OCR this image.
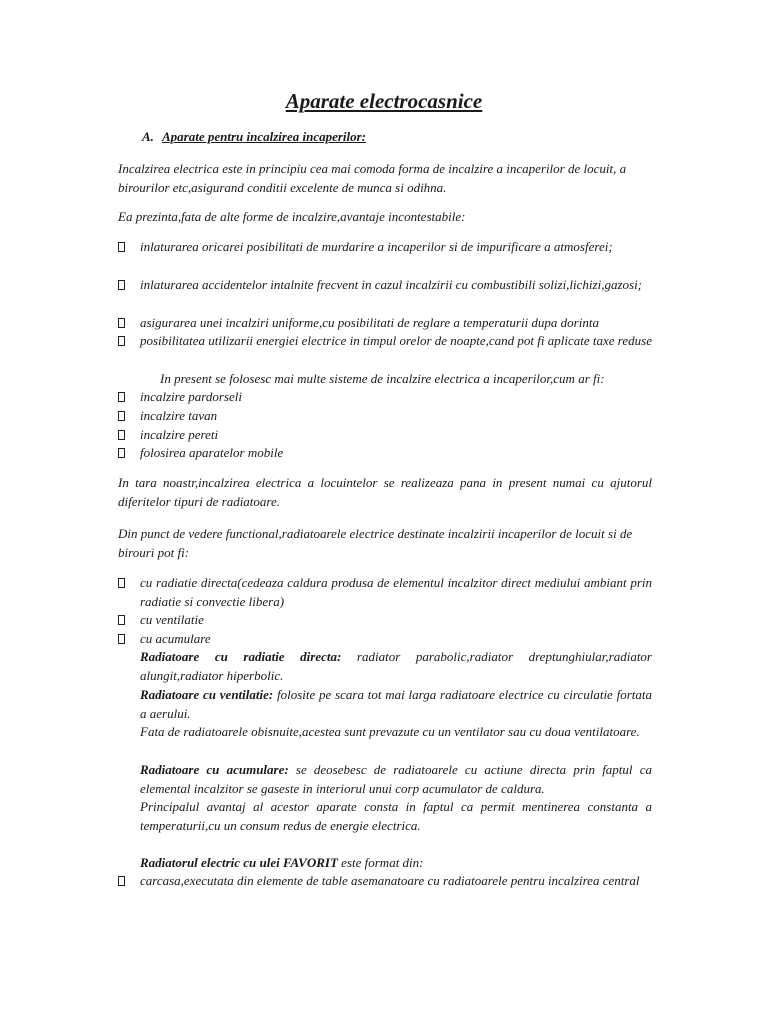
Aparate electrocasnice
A. Aparate pentru incalzirea incaperilor:

Incalzirea electrica este in principiu cea mai comoda forma de incalzire a incaperilor de locuit, a birourilor etc,asigurand conditii excelente de munca si odihna.

Ea prezinta,fata de alte forme de incalzire,avantaje incontestabile:

inlaturarea oricarei posibilitati de murdarire a incaperilor si de impurificare a atmosferei;
inlaturarea accidentelor intalnite frecvent in cazul incalzirii cu combustibili solizi,lichizi,gazosi;
asigurarea unei incalziri uniforme,cu posibilitati de reglare a temperaturii dupa dorinta
posibilitatea utilizarii energiei electrice in timpul orelor de noapte,cand pot fi aplicate taxe reduse
In present se folosesc mai multe sisteme de incalzire electrica a incaperilor,cum ar fi:
incalzire pardorseli
incalzire tavan
incalzire pereti
folosirea aparatelor mobile

In tara noastr,incalzirea electrica a locuintelor se realizeaza pana in present numai cu ajutorul diferitelor tipuri de radiatoare.

Din punct de vedere functional,radiatoarele electrice destinate incalzirii incaperilor de locuit si de birouri pot fi:

cu radiatie directa(cedeaza caldura produsa de elementul incalzitor direct mediului ambiant prin radiatie si convectie libera)
cu ventilatie
cu acumulare

Radiatoare cu radiatie directa: radiator parabolic,radiator dreptunghiular,radiator alungit,radiator hiperbolic.

Radiatoare cu ventilatie: folosite pe scara tot mai larga radiatoare electrice cu circulatie fortata a aerului.

Fata de radiatoarele obisnuite,acestea sunt prevazute cu un ventilator sau cu doua ventilatoare.

Radiatoare cu acumulare: se deosebesc de radiatoarele cu actiune directa prin faptul ca elemental incalzitor se gaseste in interiorul unui corp acumulator de caldura.

Principalul avantaj al acestor aparate consta in faptul ca permit mentinerea constanta a temperaturii,cu un consum redus de energie electrica.

Radiatorul electric cu ulei FAVORIT este format din:

carcasa,executata din elemente de table asemanatoare cu radiatoarele pentru incalzirea central
